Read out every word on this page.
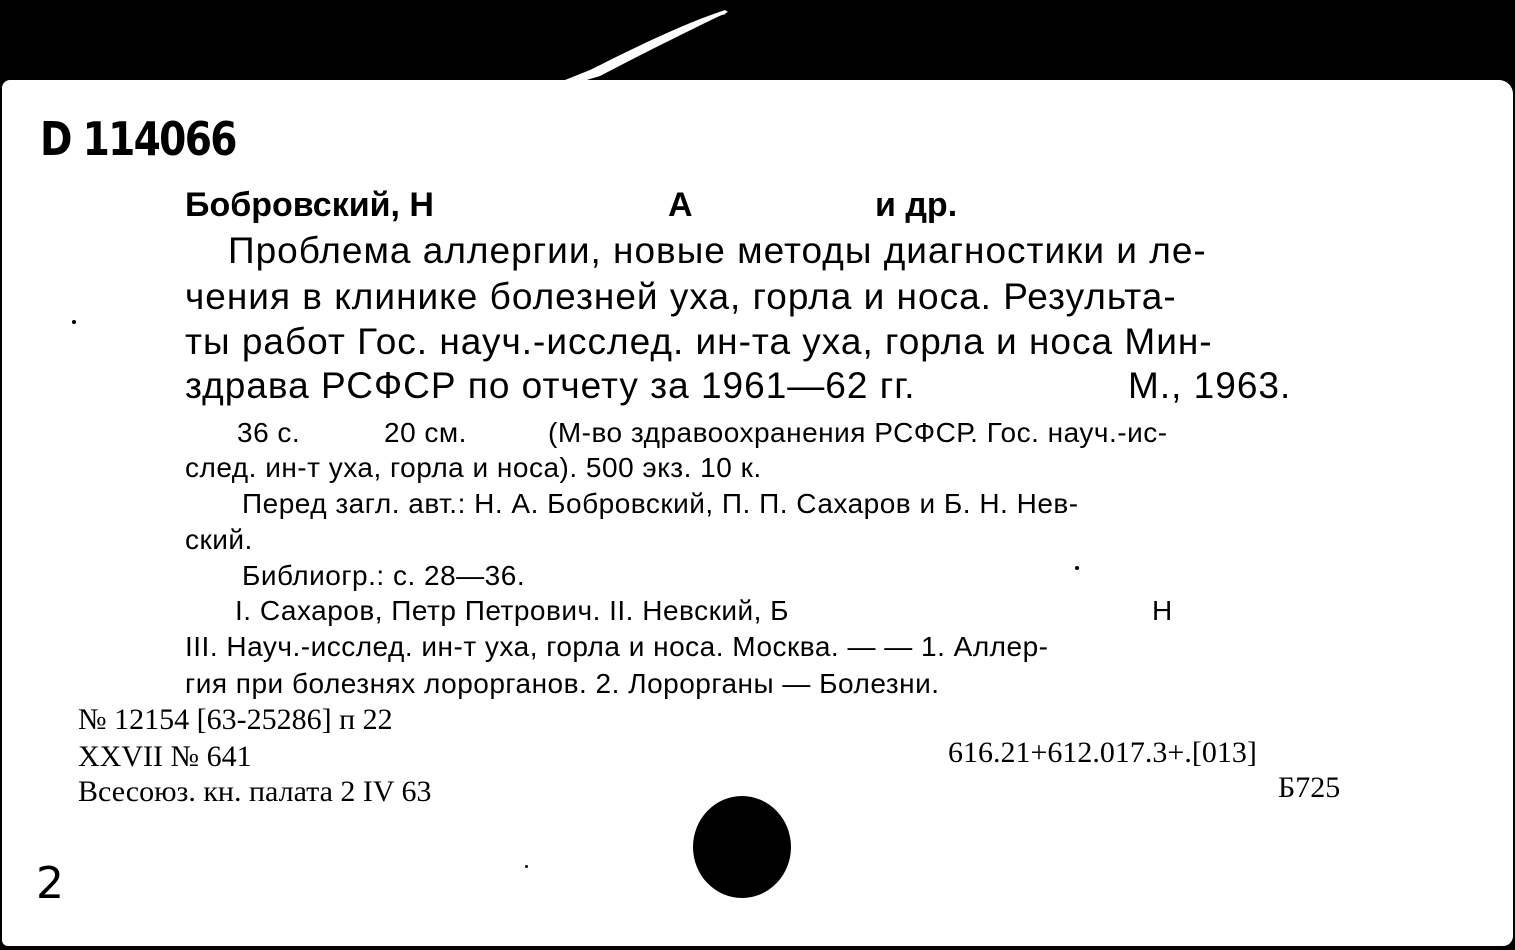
D 114066
Бобровский, Н	А	и др.
Проблема аллергии, новые методы диагностики и ле-
чения в клинике болезней уха, горла и носа. Результа-
ты работ Гос. науч.-исслед. ин-та уха, горла и носа Мин-
здрава РСФСР по отчету за 1961—62 гг.	М., 1963.
36 с.	20 см.	(М-во здравоохранения РСФСР. Гос. науч.-ис-
след. ин-т уха, горла и носа). 500 экз. 10 к.
Перед загл. авт.: Н. А. Бобровский, П. П. Сахаров и Б. Н. Нев-
ский.
Библиогр.: с. 28—36.
I. Сахаров, Петр Петрович. II. Невский, Б	Н
III. Науч.-исслед. ин-т уха, горла и носа. Москва. — — 1. Аллер-
гия при болезнях лорорганов. 2. Лорорганы — Болезни.
№ 12154 [63-25286] п 22
XXVII № 641
Всесоюз. кн. палата 2 IV 63
616.21+612.017.3+.[013]
Б725
2
